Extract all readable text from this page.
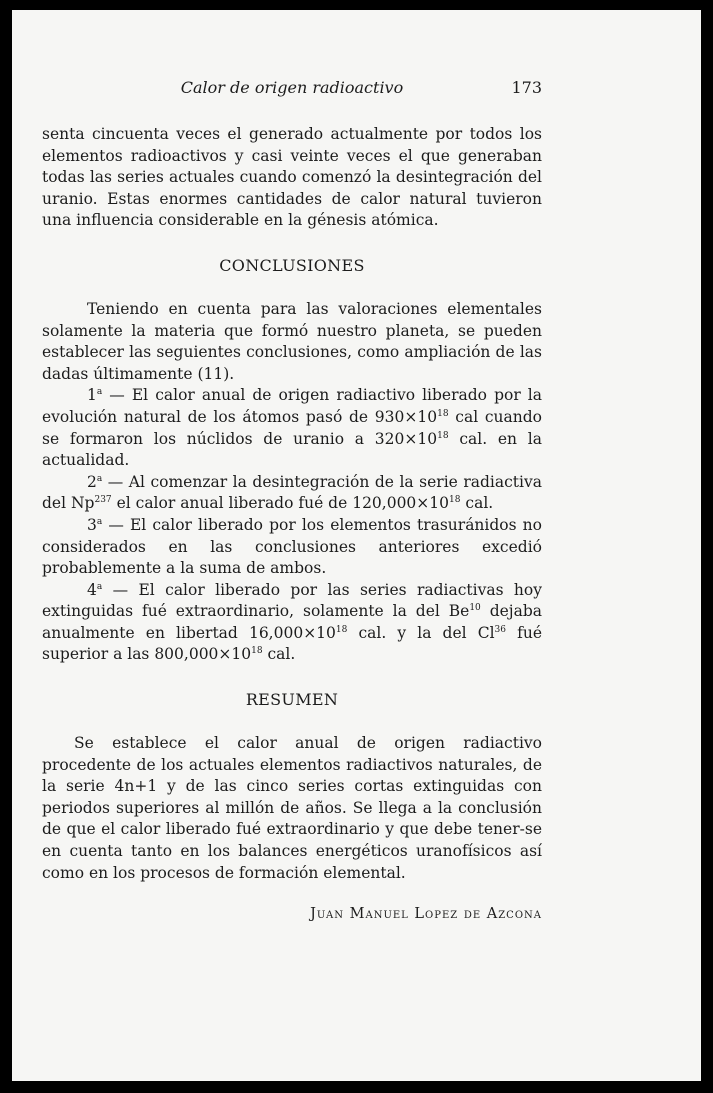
Calor de origen radioactivo	173

senta cincuenta veces el generado actualmente por todos los elementos radioactivos y casi veinte veces el que generaban todas las series actuales cuando comenzó la desintegración del uranio. Estas enormes cantidades de calor natural tuvieron una influencia considerable en la génesis atómica.

CONCLUSIONES

Teniendo en cuenta para las valoraciones elementales solamente la materia que formó nuestro planeta, se pueden establecer las seguientes conclusiones, como ampliación de las dadas últimamente (11).

1$^a$ — El calor anual de origen radiactivo liberado por la evolución natural de los átomos pasó de $930\times 10^{18}$ cal cuando se formaron los núclidos de uranio a $320\times 10^{18}$ cal. en la actualidad.

2$^a$ — Al comenzar la desintegración de la serie radiactiva del Np$^{237}$ el calor anual liberado fué de $120,000\times 10^{18}$ cal.

3$^a$ — El calor liberado por los elementos trasuránidos no considerados en las conclusiones anteriores excedió probablemente a la suma de ambos.

4$^a$ — El calor liberado por las series radiactivas hoy extinguidas fué extraordinario, solamente la del Be$^{10}$ dejaba anualmente en libertad $16,000\times 10^{18}$ cal. y la del Cl$^{36}$ fué superior a las $800,000\times 10^{18}$ cal.

RESUMEN

Se establece el calor anual de origen radiactivo procedente de los actuales elementos radiactivos naturales, de la serie 4n+1 y de las cinco series cortas extinguidas con periodos superiores al millón de años. Se llega a la conclusión de que el calor liberado fué extraordinario y que debe tener-se en cuenta tanto en los balances energéticos uranofísicos así como en los procesos de formación elemental.

Juan Manuel Lopez de Azcona
